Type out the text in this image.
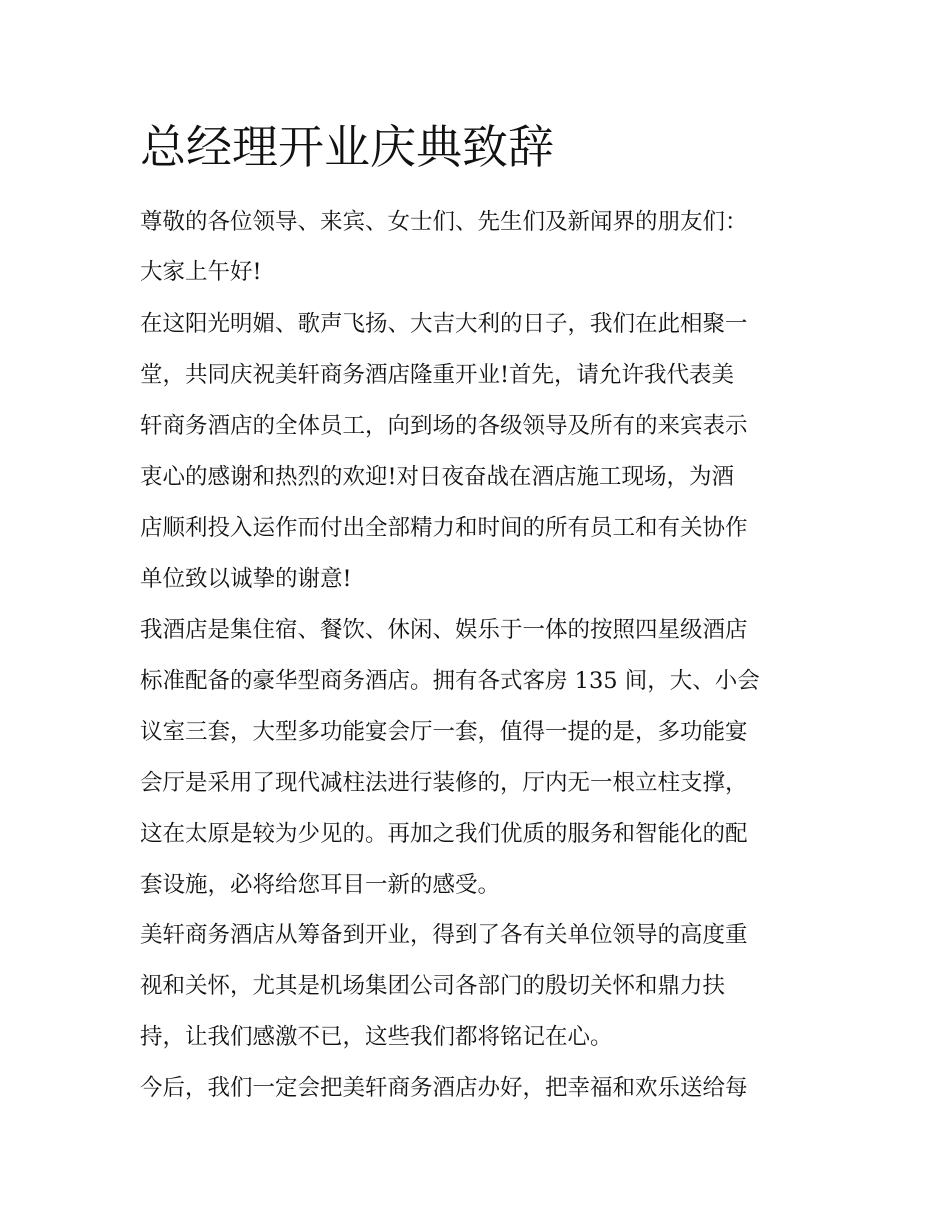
总经理开业庆典致辞

尊敬的各位领导、来宾、女士们、先生们及新闻界的朋友们：

大家上午好!

在这阳光明媚、歌声飞扬、大吉大利的日子，我们在此相聚一

堂，共同庆祝美轩商务酒店隆重开业!首先，请允许我代表美

轩商务酒店的全体员工，向到场的各级领导及所有的来宾表示

衷心的感谢和热烈的欢迎!对日夜奋战在酒店施工现场，为酒

店顺利投入运作而付出全部精力和时间的所有员工和有关协作

单位致以诚挚的谢意!

我酒店是集住宿、餐饮、休闲、娱乐于一体的按照四星级酒店

标准配备的豪华型商务酒店。拥有各式客房 135 间，大、小会

议室三套，大型多功能宴会厅一套，值得一提的是，多功能宴

会厅是采用了现代减柱法进行装修的，厅内无一根立柱支撑，

这在太原是较为少见的。再加之我们优质的服务和智能化的配

套设施，必将给您耳目一新的感受。

美轩商务酒店从筹备到开业，得到了各有关单位领导的高度重

视和关怀，尤其是机场集团公司各部门的殷切关怀和鼎力扶

持，让我们感激不已，这些我们都将铭记在心。

今后，我们一定会把美轩商务酒店办好，把幸福和欢乐送给每
